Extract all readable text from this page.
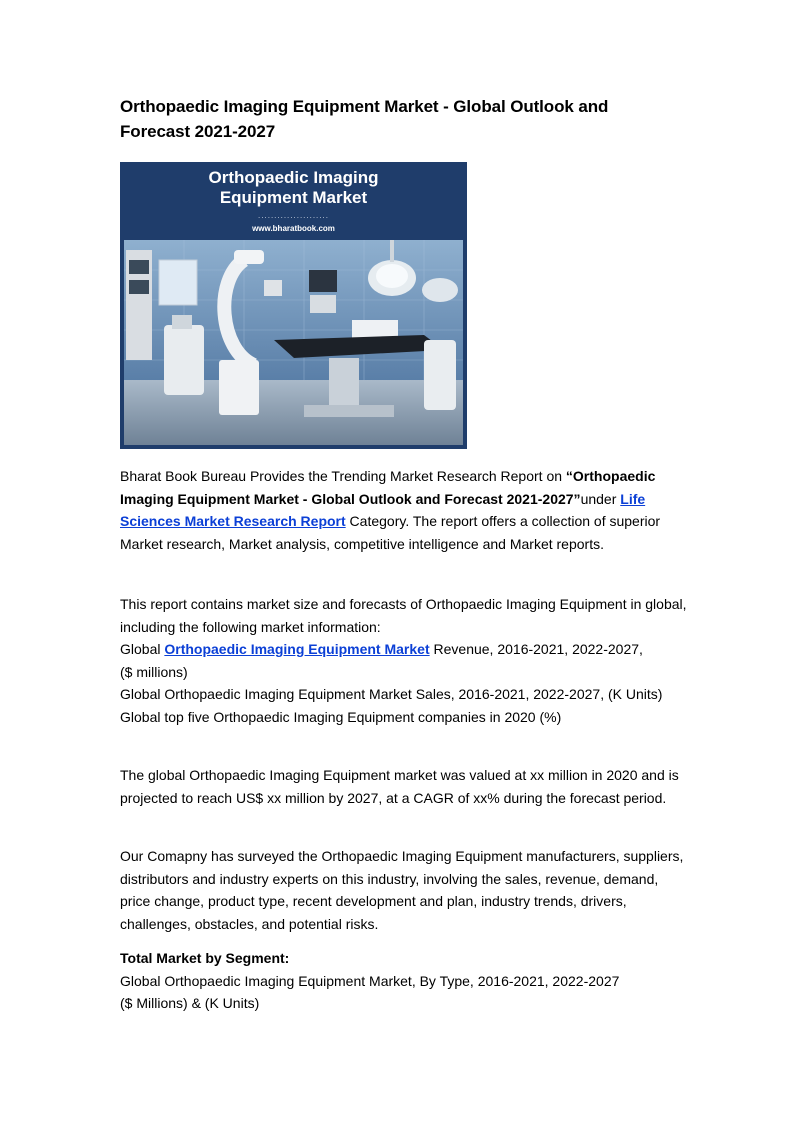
Orthopaedic Imaging Equipment Market - Global Outlook and Forecast 2021-2027
Orthopaedic Imaging
Equipment Market
......................
www.bharatbook.com

Bharat Book Bureau Provides the Trending Market Research Report on “Orthopaedic Imaging Equipment Market - Global Outlook and Forecast 2021-2027”under Life Sciences Market Research Report Category. The report offers a collection of superior Market research, Market analysis, competitive intelligence and Market reports.

This report contains market size and forecasts of Orthopaedic Imaging Equipment in global, including the following market information:
Global Orthopaedic Imaging Equipment Market Revenue, 2016-2021, 2022-2027,
($ millions)
Global Orthopaedic Imaging Equipment Market Sales, 2016-2021, 2022-2027, (K Units)
Global top five Orthopaedic Imaging Equipment companies in 2020 (%)

The global Orthopaedic Imaging Equipment market was valued at xx million in 2020 and is projected to reach US$ xx million by 2027, at a CAGR of xx% during the forecast period.

Our Comapny has surveyed the Orthopaedic Imaging Equipment manufacturers, suppliers, distributors and industry experts on this industry, involving the sales, revenue, demand, price change, product type, recent development and plan, industry trends, drivers, challenges, obstacles, and potential risks.

Total Market by Segment:
Global Orthopaedic Imaging Equipment Market, By Type, 2016-2021, 2022-2027
($ Millions) & (K Units)
